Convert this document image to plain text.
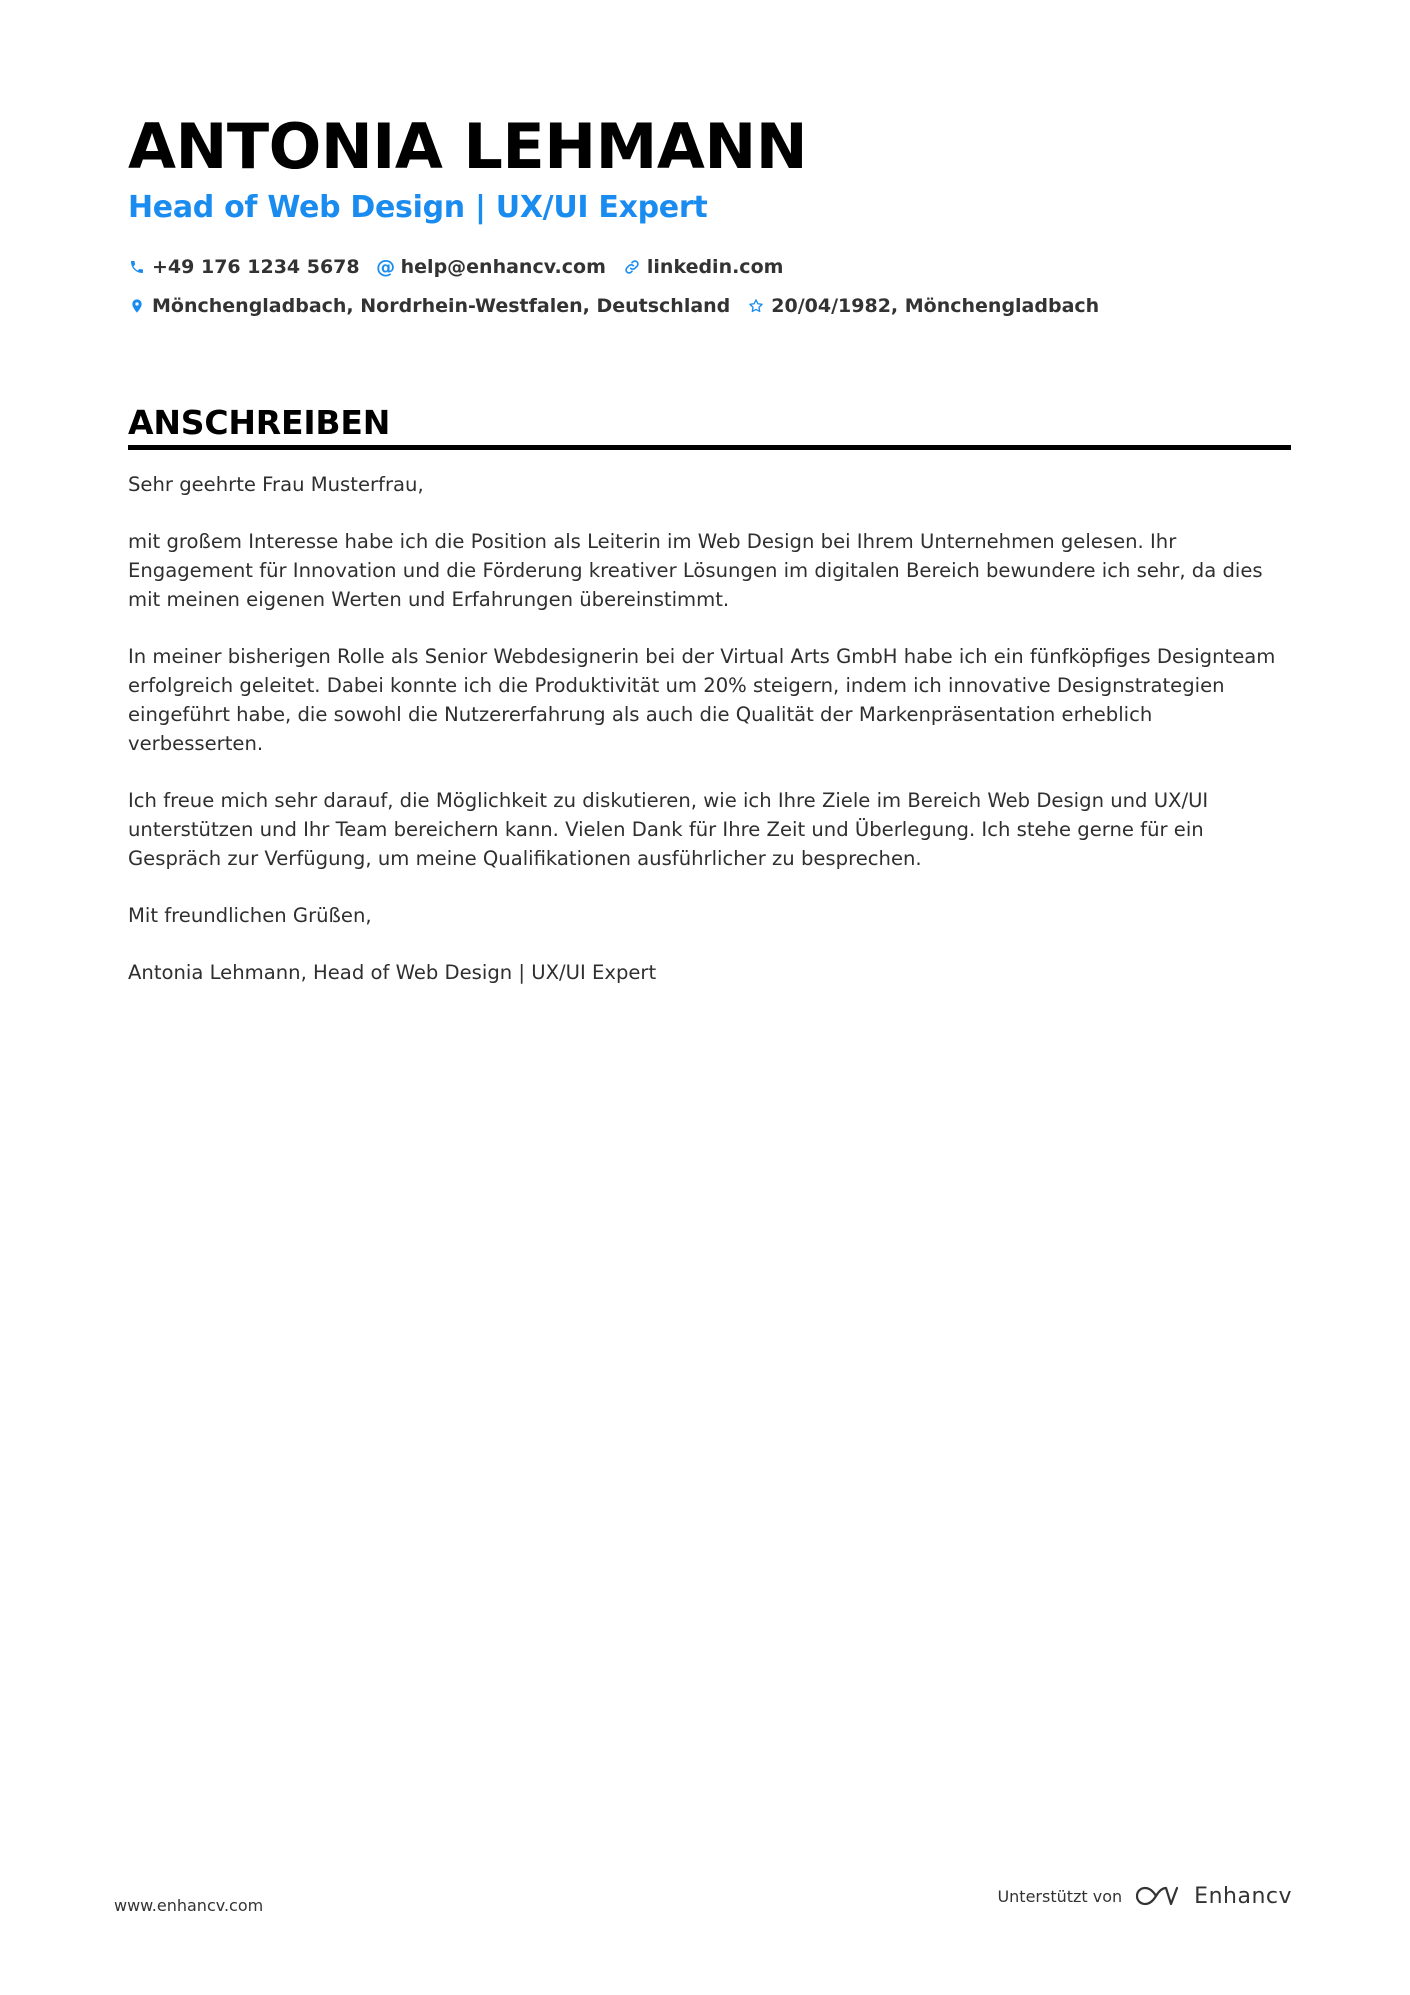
ANTONIA LEHMANN
Head of Web Design | UX/UI Expert
+49 176 1234 5678 @ help@enhancv.com linkedin.com
Mönchengladbach, Nordrhein-Westfalen, Deutschland 20/04/1982, Mönchengladbach
ANSCHREIBEN

Sehr geehrte Frau Musterfrau,

mit großem Interesse habe ich die Position als Leiterin im Web Design bei Ihrem Unternehmen gelesen. Ihr Engagement für Innovation und die Förderung kreativer Lösungen im digitalen Bereich bewundere ich sehr, da dies mit meinen eigenen Werten und Erfahrungen übereinstimmt.

In meiner bisherigen Rolle als Senior Webdesignerin bei der Virtual Arts GmbH habe ich ein fünfköpfiges Designteam erfolgreich geleitet. Dabei konnte ich die Produktivität um 20% steigern, indem ich innovative Designstrategien eingeführt habe, die sowohl die Nutzererfahrung als auch die Qualität der Markenpräsentation erheblich verbesserten.

Ich freue mich sehr darauf, die Möglichkeit zu diskutieren, wie ich Ihre Ziele im Bereich Web Design und UX/UI unterstützen und Ihr Team bereichern kann. Vielen Dank für Ihre Zeit und Überlegung. Ich stehe gerne für ein Gespräch zur Verfügung, um meine Qualifikationen ausführlicher zu besprechen.

Mit freundlichen Grüßen,

Antonia Lehmann, Head of Web Design | UX/UI Expert

www.enhancv.com	Unterstützt von	Enhancv
